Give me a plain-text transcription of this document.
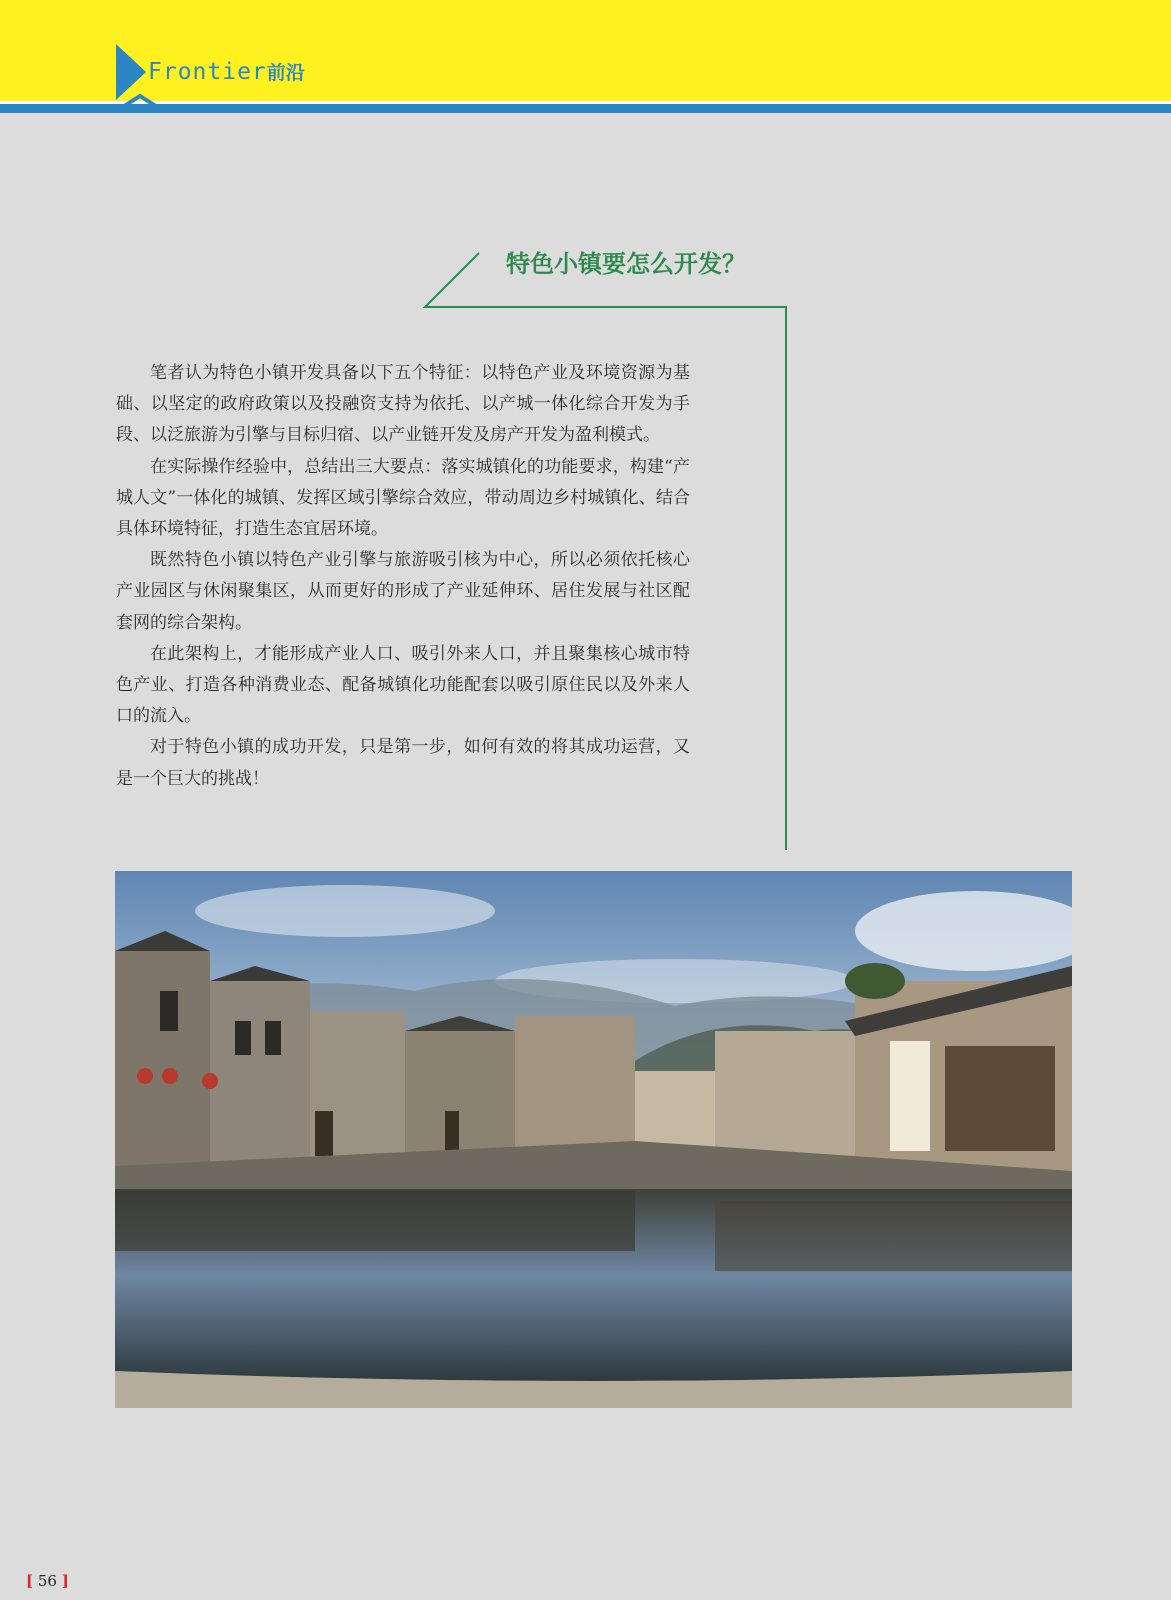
Frontier前沿
特色小镇要怎么开发？

笔者认为特色小镇开发具备以下五个特征：以特色产业及环境资源为基础、以坚定的政府政策以及投融资支持为依托、以产城一体化综合开发为手段、以泛旅游为引擎与目标归宿、以产业链开发及房产开发为盈利模式。

在实际操作经验中，总结出三大要点：落实城镇化的功能要求，构建“产城人文”一体化的城镇、发挥区域引擎综合效应，带动周边乡村城镇化、结合具体环境特征，打造生态宜居环境。

既然特色小镇以特色产业引擎与旅游吸引核为中心，所以必须依托核心产业园区与休闲聚集区，从而更好的形成了产业延伸环、居住发展与社区配套网的综合架构。

在此架构上，才能形成产业人口、吸引外来人口，并且聚集核心城市特色产业、打造各种消费业态、配备城镇化功能配套以吸引原住民以及外来人口的流入。

对于特色小镇的成功开发，只是第一步，如何有效的将其成功运营，又是一个巨大的挑战！

[ 56 ]
